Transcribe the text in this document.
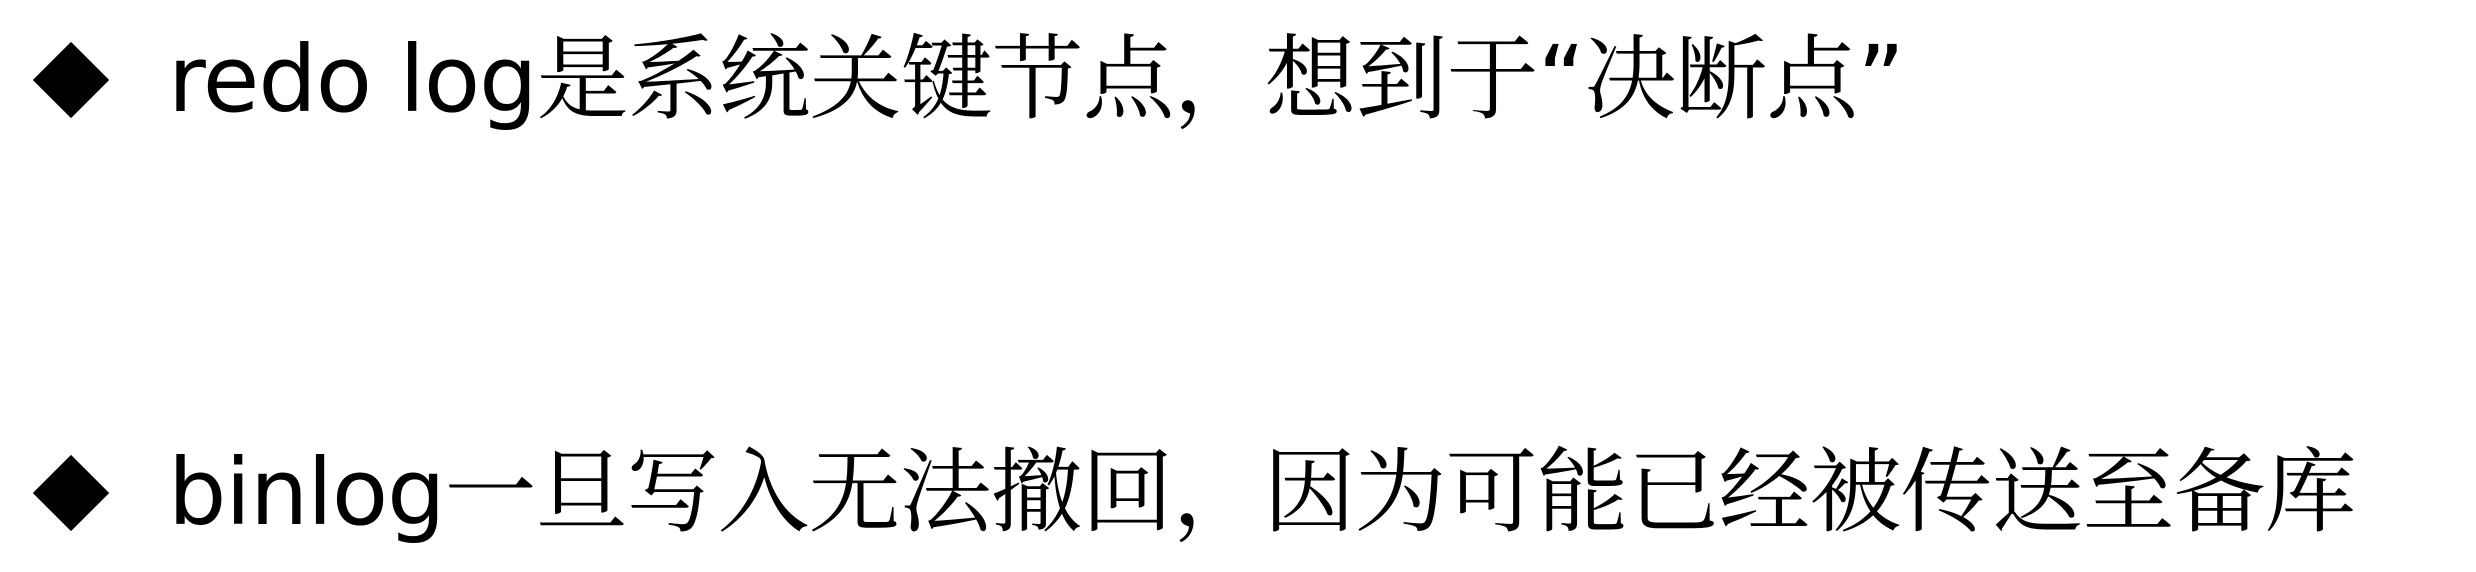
redo log是系统关键节点，想到于“决断点”
binlog一旦写入无法撤回，因为可能已经被传送至备库
